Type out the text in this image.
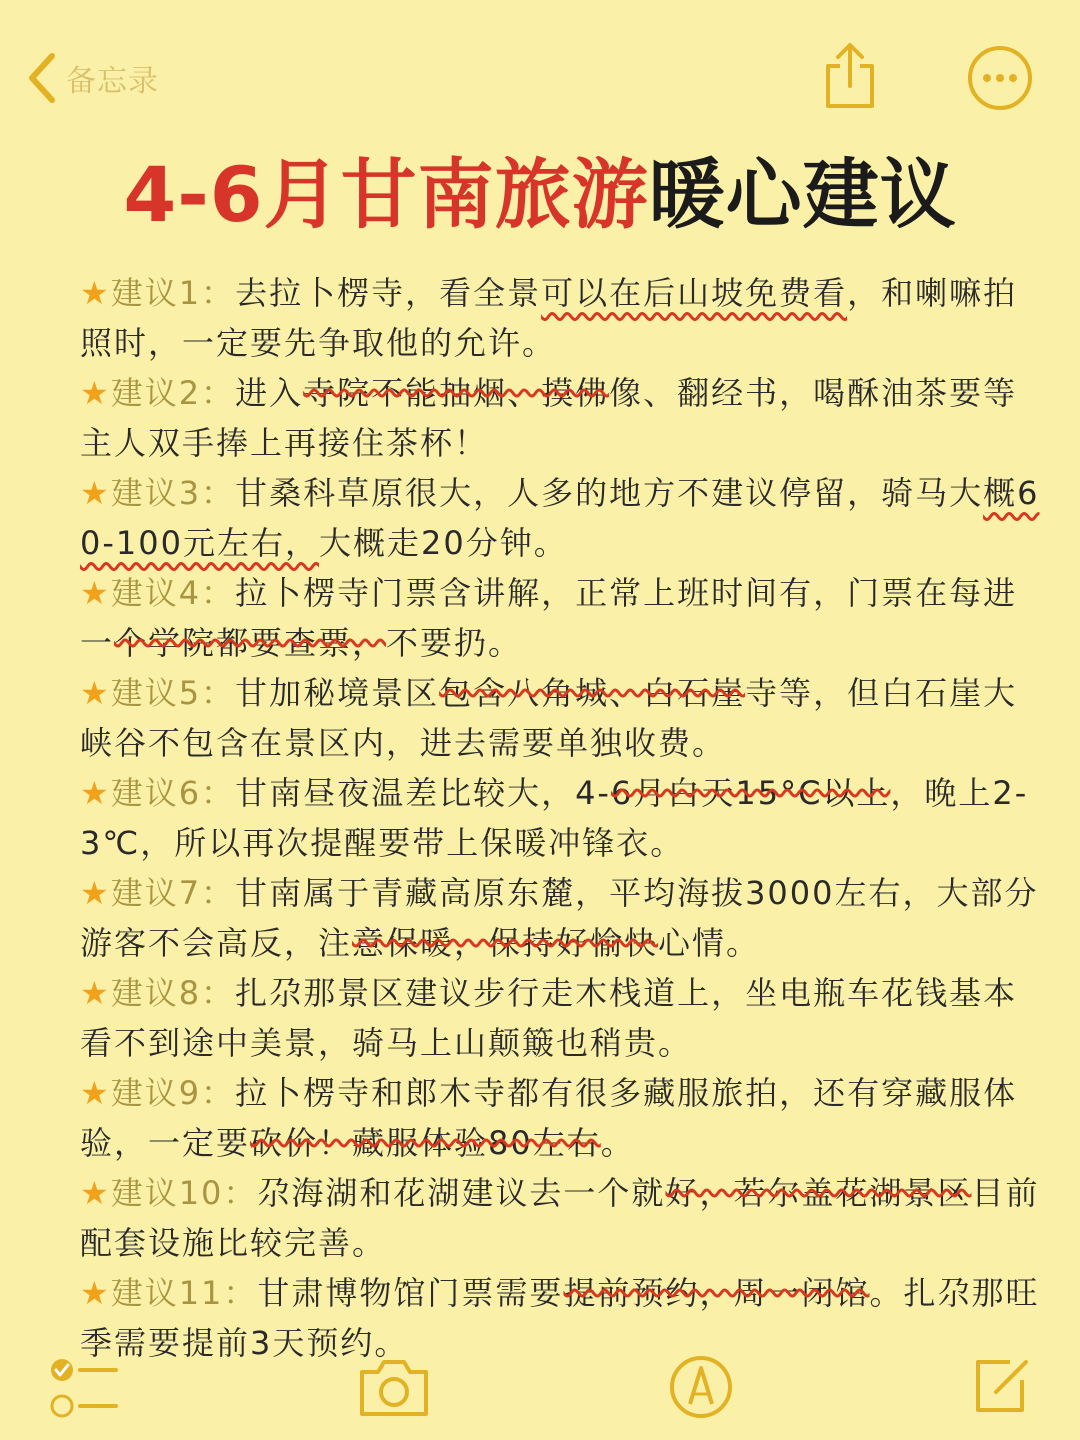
备忘录
4-6月甘南旅游暖心建议

★建议1：去拉卜楞寺，看全景可以在后山坡免费看，和喇嘛拍照时，一定要先争取他的允许。

★建议2：进入寺院不能抽烟、摸佛像、翻经书，喝酥油茶要等主人双手捧上再接住茶杯！

★建议3：甘桑科草原很大，人多的地方不建议停留，骑马大概60-100元左右，大概走20分钟。

★建议4：拉卜楞寺门票含讲解，正常上班时间有，门票在每进一个学院都要查票，不要扔。

★建议5：甘加秘境景区包含八角城、白石崖寺等，但白石崖大峡谷不包含在景区内，进去需要单独收费。

★建议6：甘南昼夜温差比较大，4-6月白天15°C以上，晚上2-3℃，所以再次提醒要带上保暖冲锋衣。

★建议7：甘南属于青藏高原东麓，平均海拔3000左右，大部分游客不会高反，注意保暖，保持好愉快心情。

★建议8：扎尕那景区建议步行走木栈道上，坐电瓶车花钱基本看不到途中美景，骑马上山颠簸也稍贵。

★建议9：拉卜楞寺和郎木寺都有很多藏服旅拍，还有穿藏服体验，一定要砍价！藏服体验80左右。

★建议10：尕海湖和花湖建议去一个就好，若尔盖花湖景区目前配套设施比较完善。

★建议11：甘肃博物馆门票需要提前预约，周一闭馆。扎尕那旺季需要提前3天预约。
